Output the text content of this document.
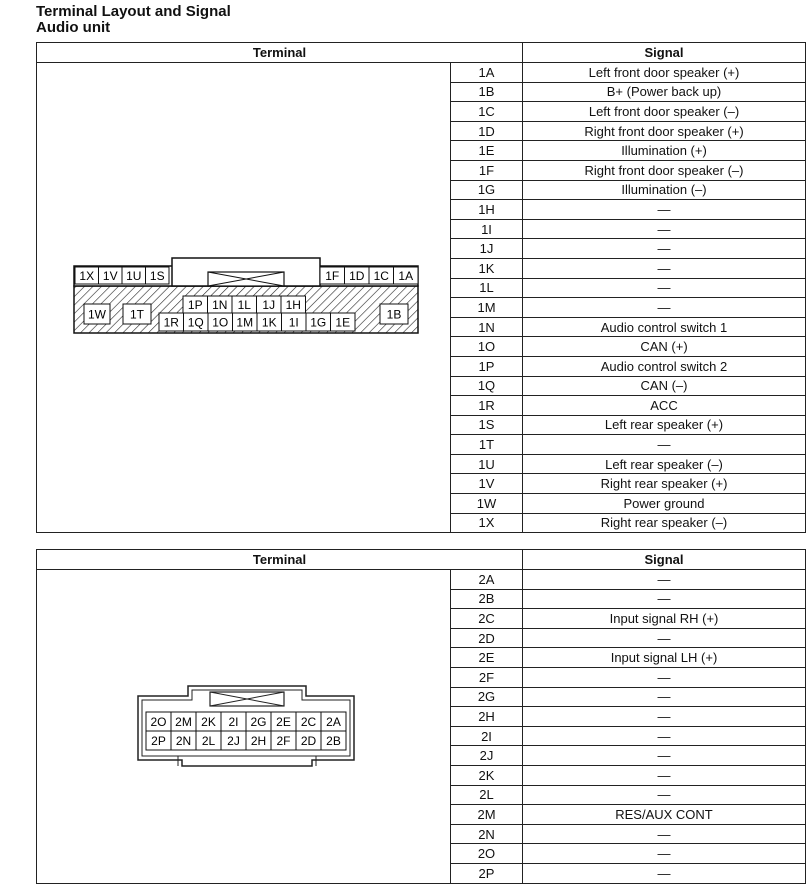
Terminal Layout and Signal
Audio unit
Terminal		Signal
	1A	Left front door speaker (+)
	1B	B+ (Power back up)
	1C	Left front door speaker (–)
	1D	Right front door speaker (+)
	1E	Illumination (+)
	1F	Right front door speaker (–)
	1G	Illumination (–)
	1H	—
	1I	—
	1J	—
	1K	—
	1L	—
	1M	—
	1N	Audio control switch 1
	1O	CAN (+)
	1P	Audio control switch 2
	1Q	CAN (–)
	1R	ACC
	1S	Left rear speaker (+)
	1T	—
	1U	Left rear speaker (–)
	1V	Right rear speaker (+)
	1W	Power ground
	1X	Right rear speaker (–)
Terminal		Signal
	2A	—
	2B	—
	2C	Input signal RH (+)
	2D	—
	2E	Input signal LH (+)
	2F	—
	2G	—
	2H	—
	2I	—
	2J	—
	2K	—
	2L	—
	2M	RES/AUX CONT
	2N	—
	2O	—
	2P	—
1X 1V 1U 1S	1F 1D 1C 1A
1P 1N 1L 1J 1H
1R 1Q 1O 1M 1K 1I 1G 1E
1W 1T	1B
2O 2M 2K 2I 2G 2E 2C 2A
2P 2N 2L 2J 2H 2F 2D 2B
